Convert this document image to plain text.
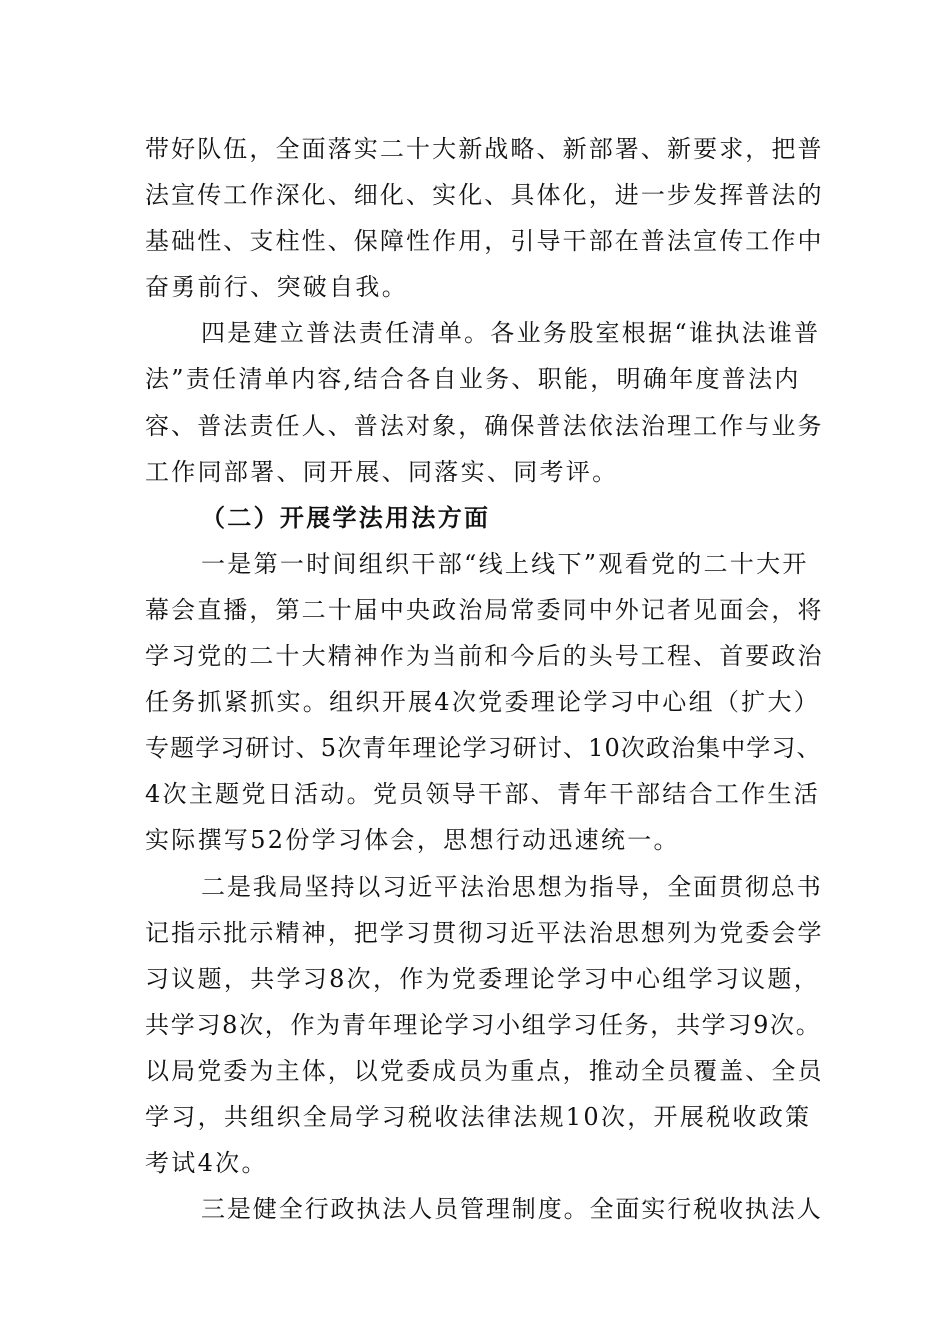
带好队伍，全面落实二十大新战略、新部署、新要求，把普
法宣传工作深化、细化、实化、具体化，进一步发挥普法的
基础性、支柱性、保障性作用，引导干部在普法宣传工作中
奋勇前行、突破自我。
四是建立普法责任清单。各业务股室根据“谁执法谁普
法”责任清单内容,结合各自业务、职能，明确年度普法内
容、普法责任人、普法对象，确保普法依法治理工作与业务
工作同部署、同开展、同落实、同考评。
（二）开展学法用法方面
一是第一时间组织干部“线上线下”观看党的二十大开
幕会直播，第二十届中央政治局常委同中外记者见面会，将
学习党的二十大精神作为当前和今后的头号工程、首要政治
任务抓紧抓实。组织开展4次党委理论学习中心组（扩大）
专题学习研讨、5次青年理论学习研讨、10次政治集中学习、
4次主题党日活动。党员领导干部、青年干部结合工作生活
实际撰写52份学习体会，思想行动迅速统一。
二是我局坚持以习近平法治思想为指导，全面贯彻总书
记指示批示精神，把学习贯彻习近平法治思想列为党委会学
习议题，共学习8次，作为党委理论学习中心组学习议题，
共学习8次，作为青年理论学习小组学习任务，共学习9次。
以局党委为主体，以党委成员为重点，推动全员覆盖、全员
学习，共组织全局学习税收法律法规10次，开展税收政策
考试4次。
三是健全行政执法人员管理制度。全面实行税收执法人
